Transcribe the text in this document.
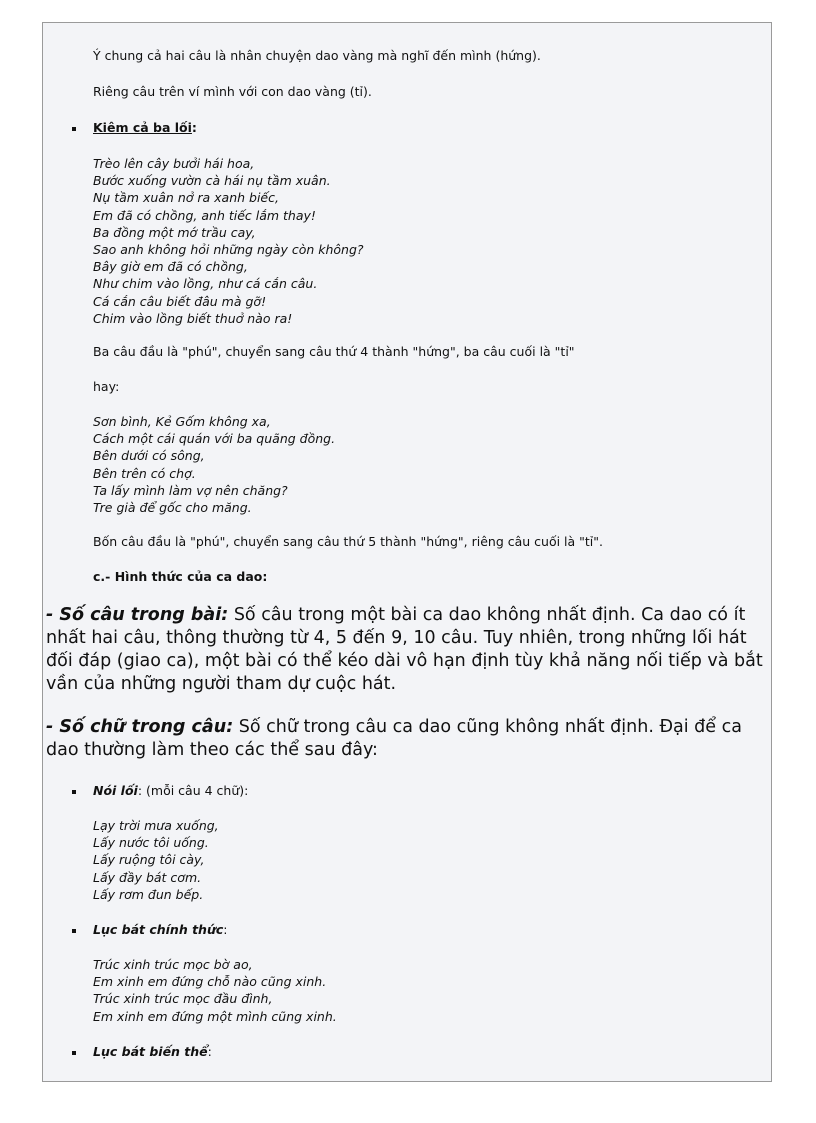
Ý chung cả hai câu là nhân chuyện dao vàng mà nghĩ đến mình (hứng).

Riêng câu trên ví mình với con dao vàng (tỉ).

Kiêm cả ba lối:

Trèo lên cây bưởi hái hoa,
Bước xuống vườn cà hái nụ tầm xuân.
Nụ tầm xuân nở ra xanh biếc,
Em đã có chồng, anh tiếc lắm thay!
Ba đồng một mớ trầu cay,
Sao anh không hỏi những ngày còn không?
Bây giờ em đã có chồng,
Như chim vào lồng, như cá cắn câu.
Cá cắn câu biết đâu mà gỡ!
Chim vào lồng biết thuở nào ra!

Ba câu đầu là "phú", chuyển sang câu thứ 4 thành "hứng", ba câu cuối là "tỉ"

hay:

Sơn bình, Kẻ Gốm không xa,
Cách một cái quán với ba quãng đồng.
Bên dưới có sông,
Bên trên có chợ.
Ta lấy mình làm vợ nên chăng?
Tre già để gốc cho măng.

Bốn câu đầu là "phú", chuyển sang câu thứ 5 thành "hứng", riêng câu cuối là "tỉ".

c.- Hình thức của ca dao:

- Số câu trong bài: Số câu trong một bài ca dao không nhất định. Ca dao có ít nhất hai câu, thông thường từ 4, 5 đến 9, 10 câu. Tuy nhiên, trong những lối hát đối đáp (giao ca), một bài có thể kéo dài vô hạn định tùy khả năng nối tiếp và bắt vần của những người tham dự cuộc hát.

- Số chữ trong câu: Số chữ trong câu ca dao cũng không nhất định. Đại để ca dao thường làm theo các thể sau đây:

Nói lối: (mỗi câu 4 chữ):

Lạy trời mưa xuống,
Lấy nước tôi uống.
Lấy ruộng tôi cày,
Lấy đầy bát cơm.
Lấy rơm đun bếp.

Lục bát chính thức:

Trúc xinh trúc mọc bờ ao,
Em xinh em đứng chỗ nào cũng xinh.
Trúc xinh trúc mọc đầu đình,
Em xinh em đứng một mình cũng xinh.

Lục bát biến thể:
